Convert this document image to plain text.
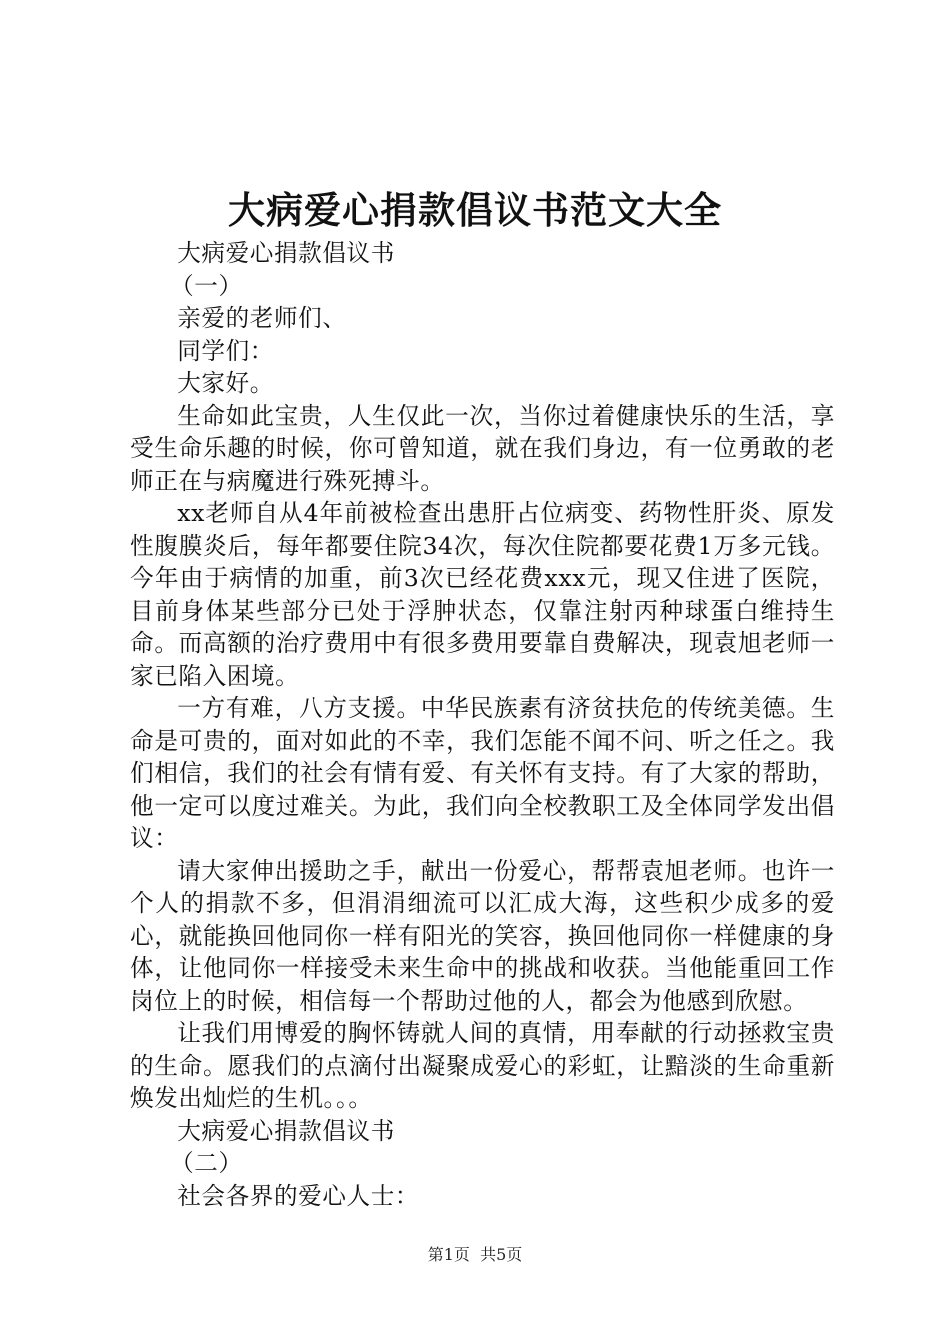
大病爱心捐款倡议书范文大全

大病爱心捐款倡议书

（一）

亲爱的老师们、

同学们：

大家好。

生命如此宝贵，人生仅此一次，当你过着健康快乐的生活，享受生命乐趣的时候，你可曾知道，就在我们身边，有一位勇敢的老师正在与病魔进行殊死搏斗。

xx老师自从4年前被检查出患肝占位病变、药物性肝炎、原发性腹膜炎后，每年都要住院34次，每次住院都要花费1万多元钱。今年由于病情的加重，前3次已经花费xxx元，现又住进了医院，目前身体某些部分已处于浮肿状态，仅靠注射丙种球蛋白维持生命。而高额的治疗费用中有很多费用要靠自费解决，现袁旭老师一家已陷入困境。

一方有难，八方支援。中华民族素有济贫扶危的传统美德。生命是可贵的，面对如此的不幸，我们怎能不闻不问、听之任之。我们相信，我们的社会有情有爱、有关怀有支持。有了大家的帮助，他一定可以度过难关。为此，我们向全校教职工及全体同学发出倡议：

请大家伸出援助之手，献出一份爱心，帮帮袁旭老师。也许一个人的捐款不多，但涓涓细流可以汇成大海，这些积少成多的爱心，就能换回他同你一样有阳光的笑容，换回他同你一样健康的身体，让他同你一样接受未来生命中的挑战和收获。当他能重回工作岗位上的时候，相信每一个帮助过他的人，都会为他感到欣慰。

让我们用博爱的胸怀铸就人间的真情，用奉献的行动拯救宝贵的生命。愿我们的点滴付出凝聚成爱心的彩虹，让黯淡的生命重新焕发出灿烂的生机。。。

大病爱心捐款倡议书

（二）

社会各界的爱心人士：

第1页 共5页
